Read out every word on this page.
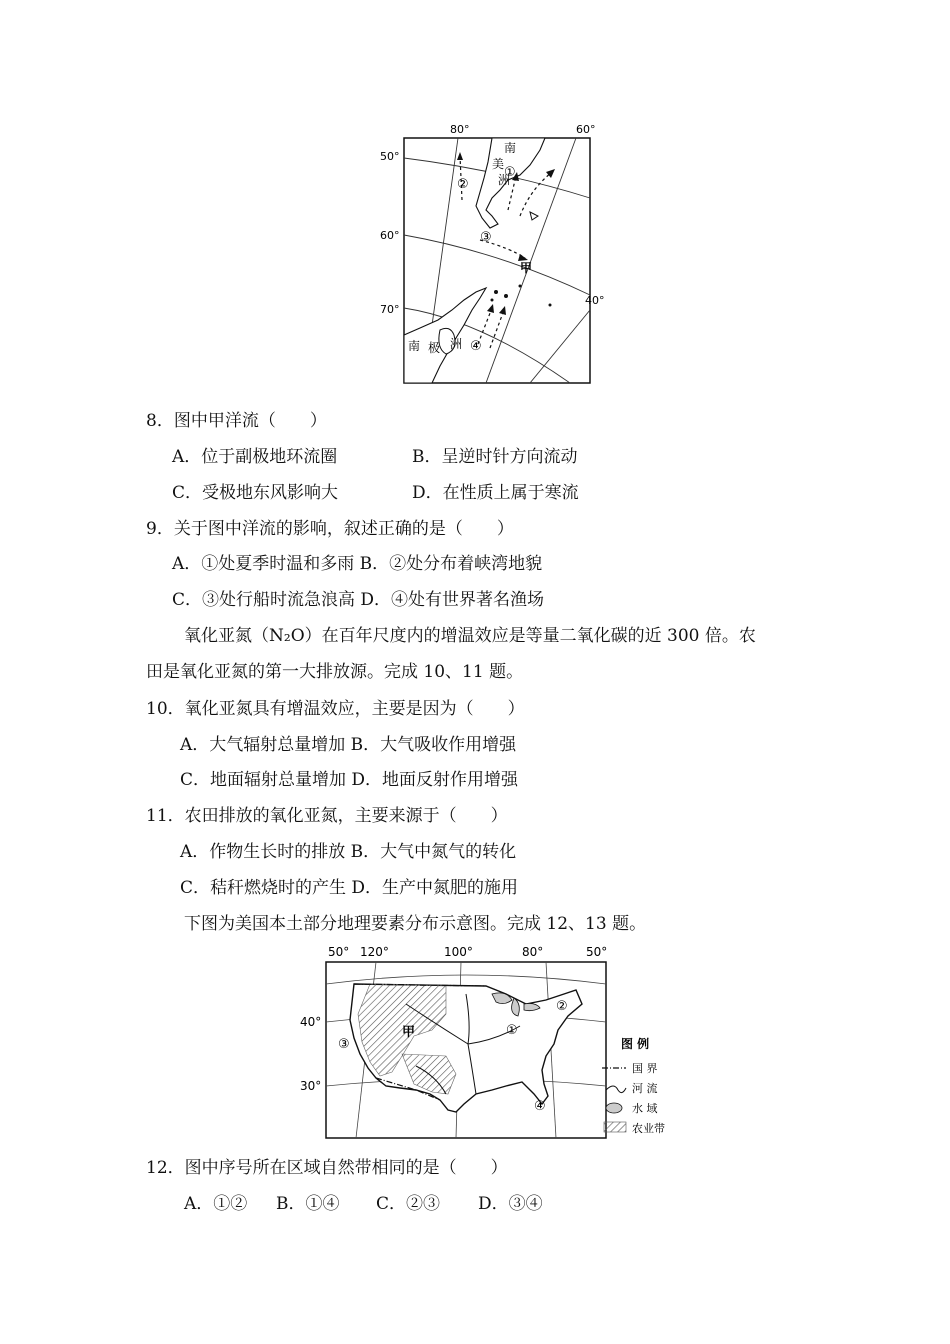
80°	60°
40°
50°
60°
70°
南
美
洲
南 极 洲
甲
①
②
③
④
8．图中甲洋流（　　）
A．位于副极地环流圈	B．呈逆时针方向流动
C．受极地东风影响大	D．在性质上属于寒流
9．关于图中洋流的影响，叙述正确的是（　　）
A．①处夏季时温和多雨 B．②处分布着峡湾地貌
C．③处行船时流急浪高 D．④处有世界著名渔场
氧化亚氮（N₂O）在百年尺度内的增温效应是等量二氧化碳的近 300 倍。农
田是氧化亚氮的第一大排放源。完成 10、11 题。
10．氧化亚氮具有增温效应，主要是因为（　　）
A．大气辐射总量增加 B．大气吸收作用增强
C．地面辐射总量增加 D．地面反射作用增强
11．农田排放的氧化亚氮，主要来源于（　　）
A．作物生长时的排放 B．大气中氮气的转化
C．秸秆燃烧时的产生 D．生产中氮肥的施用
下图为美国本土部分地理要素分布示意图。完成 12、13 题。
50° 120°	100°	80°	50°
40°
30°
甲	①
②
③
④
图 例
国 界
河 流
水 域
农业带
12．图中序号所在区域自然带相同的是（　　）
A．①② B．①④ C．②③ D．③④
